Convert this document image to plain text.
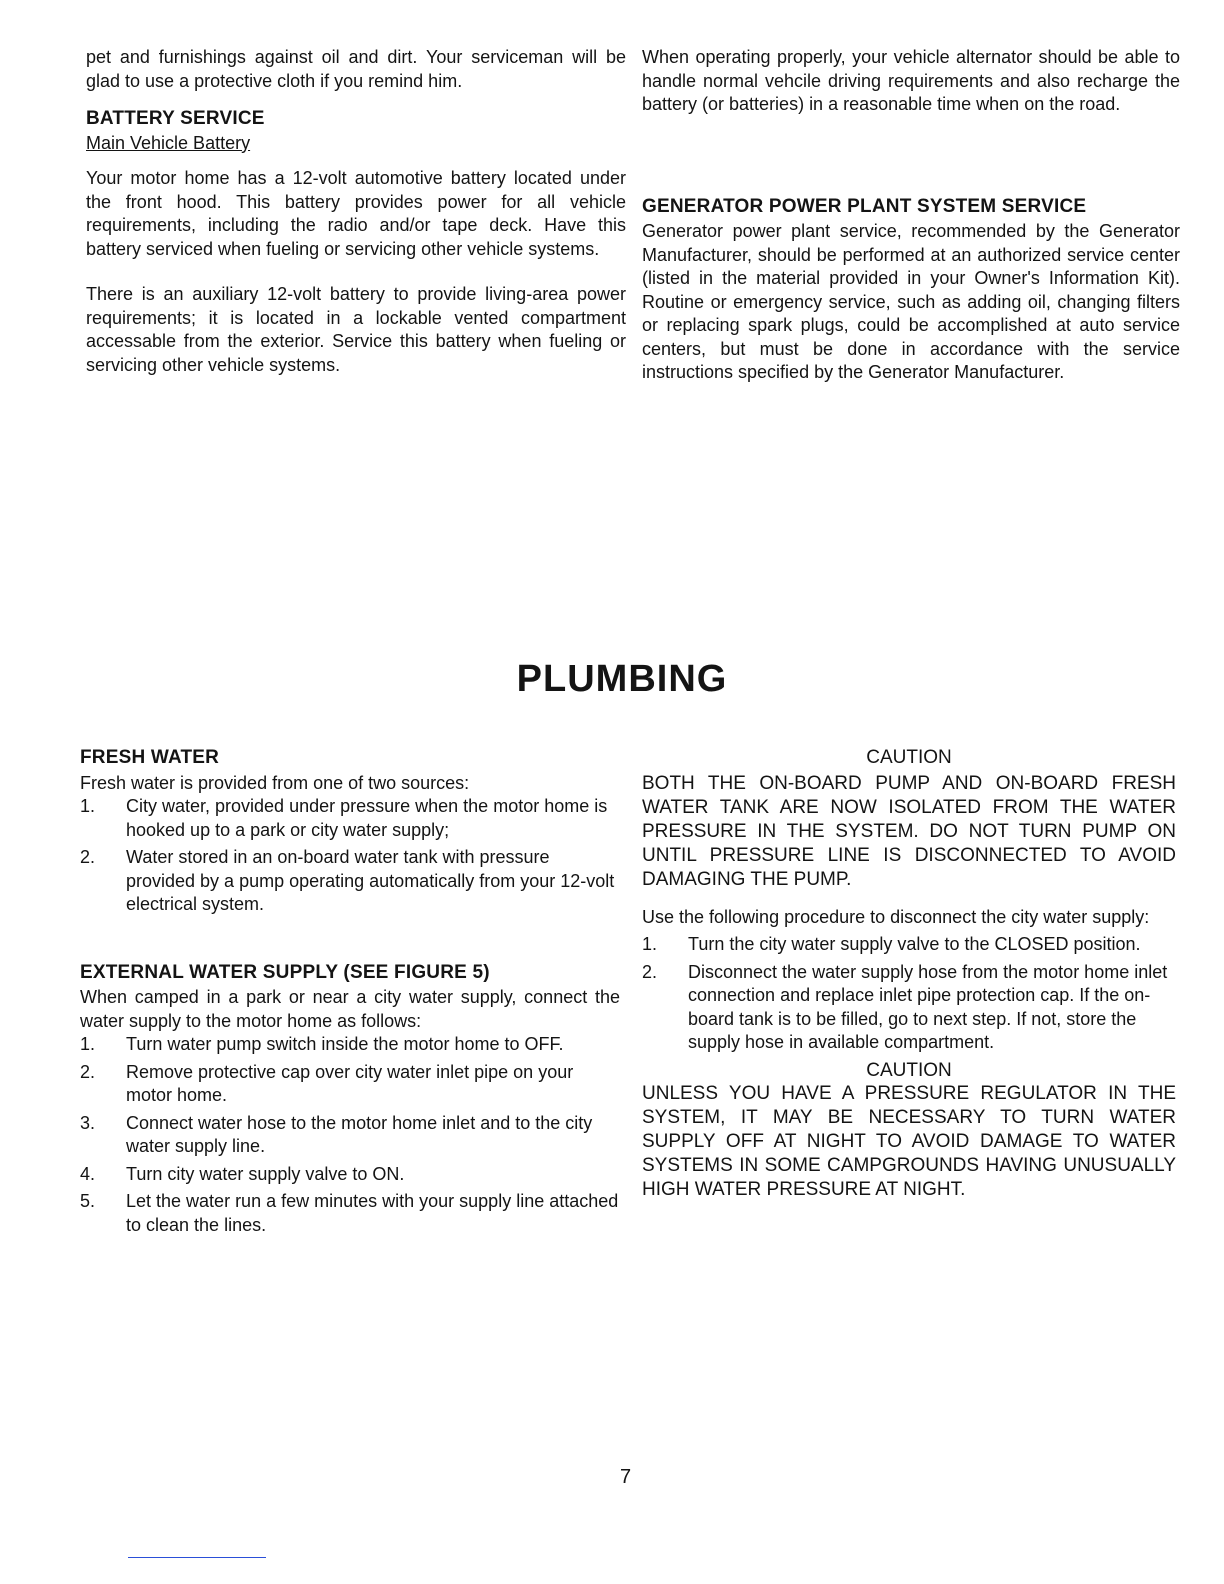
pet and furnishings against oil and dirt. Your serviceman will be glad to use a protective cloth if you remind him.

BATTERY SERVICE
Main Vehicle Battery

Your motor home has a 12-volt automotive battery located under the front hood. This battery provides power for all vehicle requirements, including the radio and/or tape deck. Have this battery serviced when fueling or servicing other vehicle systems.

There is an auxiliary 12-volt battery to provide living-area power requirements; it is located in a lockable vented compartment accessable from the exterior. Service this battery when fueling or servicing other vehicle systems.

When operating properly, your vehicle alternator should be able to handle normal vehcile driving requirements and also recharge the battery (or batteries) in a reasonable time when on the road.

GENERATOR POWER PLANT SYSTEM SERVICE

Generator power plant service, recommended by the Generator Manufacturer, should be performed at an authorized service center (listed in the material provided in your Owner's Information Kit). Routine or emergency service, such as adding oil, changing filters or replacing spark plugs, could be accomplished at auto service centers, but must be done in accordance with the service instructions specified by the Generator Manufacturer.

PLUMBING
FRESH WATER

Fresh water is provided from one of two sources:

1. City water, provided under pressure when the motor home is hooked up to a park or city water supply;
2. Water stored in an on-board water tank with pressure provided by a pump operating automatically from your 12-volt electrical system.
EXTERNAL WATER SUPPLY (SEE FIGURE 5)

When camped in a park or near a city water supply, connect the water supply to the motor home as follows:

1. Turn water pump switch inside the motor home to OFF.
2. Remove protective cap over city water inlet pipe on your motor home.
3. Connect water hose to the motor home inlet and to the city water supply line.
4. Turn city water supply valve to ON.
5. Let the water run a few minutes with your supply line attached to clean the lines.
CAUTION

BOTH THE ON-BOARD PUMP AND ON-BOARD FRESH WATER TANK ARE NOW ISOLATED FROM THE WATER PRESSURE IN THE SYSTEM. DO NOT TURN PUMP ON UNTIL PRESSURE LINE IS DISCONNECTED TO AVOID DAMAGING THE PUMP.

Use the following procedure to disconnect the city water supply:

1. Turn the city water supply valve to the CLOSED position.
2. Disconnect the water supply hose from the motor home inlet connection and replace inlet pipe protection cap. If the on-board tank is to be filled, go to next step. If not, store the supply hose in available compartment.
CAUTION

UNLESS YOU HAVE A PRESSURE REGULATOR IN THE SYSTEM, IT MAY BE NECESSARY TO TURN WATER SUPPLY OFF AT NIGHT TO AVOID DAMAGE TO WATER SYSTEMS IN SOME CAMPGROUNDS HAVING UNUSUALLY HIGH WATER PRESSURE AT NIGHT.

7
